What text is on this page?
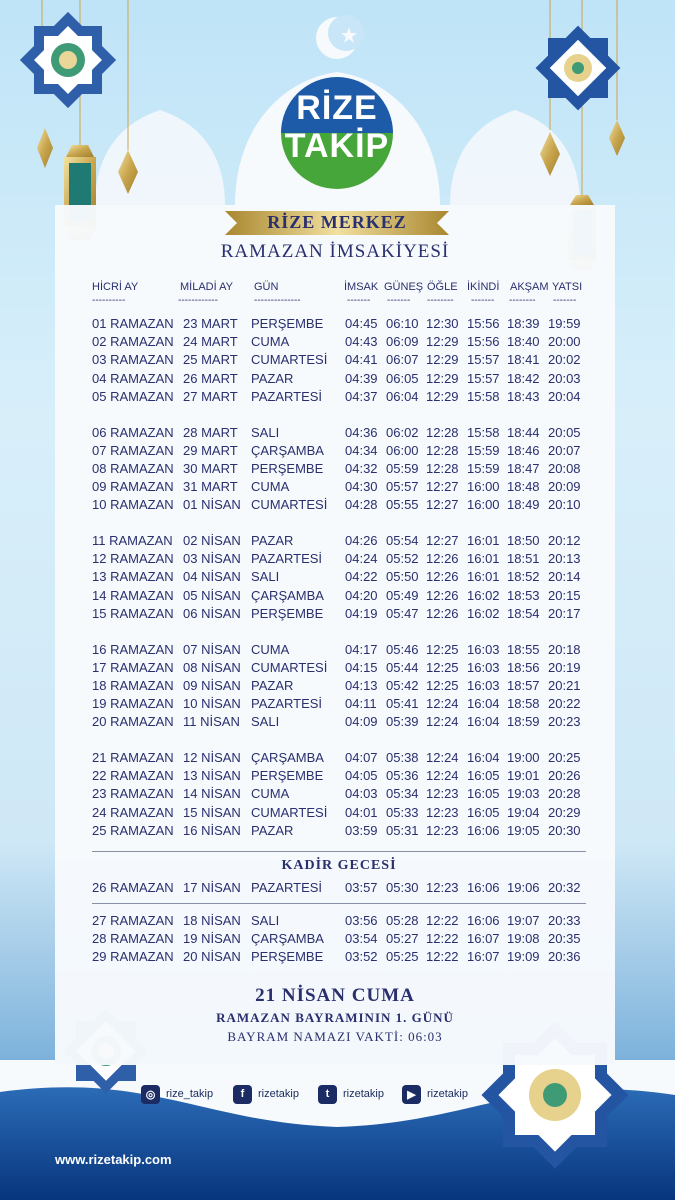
RİZE
TAKİP
RİZE MERKEZ
RAMAZAN İMSAKİYESİ
HİCRİ AY	MİLADİ AY GÜN	İMSAK GÜNEŞ ÖĞLE İKİNDİ AKŞAM YATSI
----------	------------	--------------	------- ------- -------- ------- -------- -------
01 RAMAZAN 23 MART PERŞEMBE 04:45 06:10 12:30 15:56 18:39 19:59
02 RAMAZAN 24 MART CUMA	04:43 06:09 12:29 15:56 18:40 20:00
03 RAMAZAN 25 MART CUMARTESİ 04:41 06:07 12:29 15:57 18:41 20:02
04 RAMAZAN 26 MART PAZAR	04:39 06:05 12:29 15:57 18:42 20:03
05 RAMAZAN 27 MART PAZARTESİ 04:37 06:04 12:29 15:58 18:43 20:04
06 RAMAZAN 28 MART SALI	04:36 06:02 12:28 15:58 18:44 20:05
07 RAMAZAN 29 MART ÇARŞAMBA 04:34 06:00 12:28 15:59 18:46 20:07
08 RAMAZAN 30 MART PERŞEMBE 04:32 05:59 12:28 15:59 18:47 20:08
09 RAMAZAN 31 MART CUMA	04:30 05:57 12:27 16:00 18:48 20:09
10 RAMAZAN 01 NİSAN CUMARTESİ 04:28 05:55 12:27 16:00 18:49 20:10
11 RAMAZAN 02 NİSAN PAZAR	04:26 05:54 12:27 16:01 18:50 20:12
12 RAMAZAN 03 NİSAN PAZARTESİ 04:24 05:52 12:26 16:01 18:51 20:13
13 RAMAZAN 04 NİSAN SALI	04:22 05:50 12:26 16:01 18:52 20:14
14 RAMAZAN 05 NİSAN ÇARŞAMBA 04:20 05:49 12:26 16:02 18:53 20:15
15 RAMAZAN 06 NİSAN PERŞEMBE 04:19 05:47 12:26 16:02 18:54 20:17
16 RAMAZAN 07 NİSAN CUMA	04:17 05:46 12:25 16:03 18:55 20:18
17 RAMAZAN 08 NİSAN CUMARTESİ 04:15 05:44 12:25 16:03 18:56 20:19
18 RAMAZAN 09 NİSAN PAZAR	04:13 05:42 12:25 16:03 18:57 20:21
19 RAMAZAN 10 NİSAN PAZARTESİ 04:11 05:41 12:24 16:04 18:58 20:22
20 RAMAZAN 11 NİSAN SALI	04:09 05:39 12:24 16:04 18:59 20:23
21 RAMAZAN 12 NİSAN ÇARŞAMBA 04:07 05:38 12:24 16:04 19:00 20:25
22 RAMAZAN 13 NİSAN PERŞEMBE 04:05 05:36 12:24 16:05 19:01 20:26
23 RAMAZAN 14 NİSAN CUMA	04:03 05:34 12:23 16:05 19:03 20:28
24 RAMAZAN 15 NİSAN CUMARTESİ 04:01 05:33 12:23 16:05 19:04 20:29
25 RAMAZAN 16 NİSAN PAZAR	03:59 05:31 12:23 16:06 19:05 20:30
26 RAMAZAN 17 NİSAN PAZARTESİ 03:57 05:30 12:23 16:06 19:06 20:32
27 RAMAZAN 18 NİSAN SALI	03:56 05:28 12:22 16:06 19:07 20:33
28 RAMAZAN 19 NİSAN ÇARŞAMBA 03:54 05:27 12:22 16:07 19:08 20:35
29 RAMAZAN 20 NİSAN PERŞEMBE 03:52 05:25 12:22 16:07 19:09 20:36
KADİR GECESİ
21 NİSAN CUMA
RAMAZAN BAYRAMININ 1. GÜNÜ
BAYRAM NAMAZI VAKTİ: 06:03
◎ rize_takip	f	rizetakip	t	rizetakip	▶	rizetakip
www.rizetakip.com
